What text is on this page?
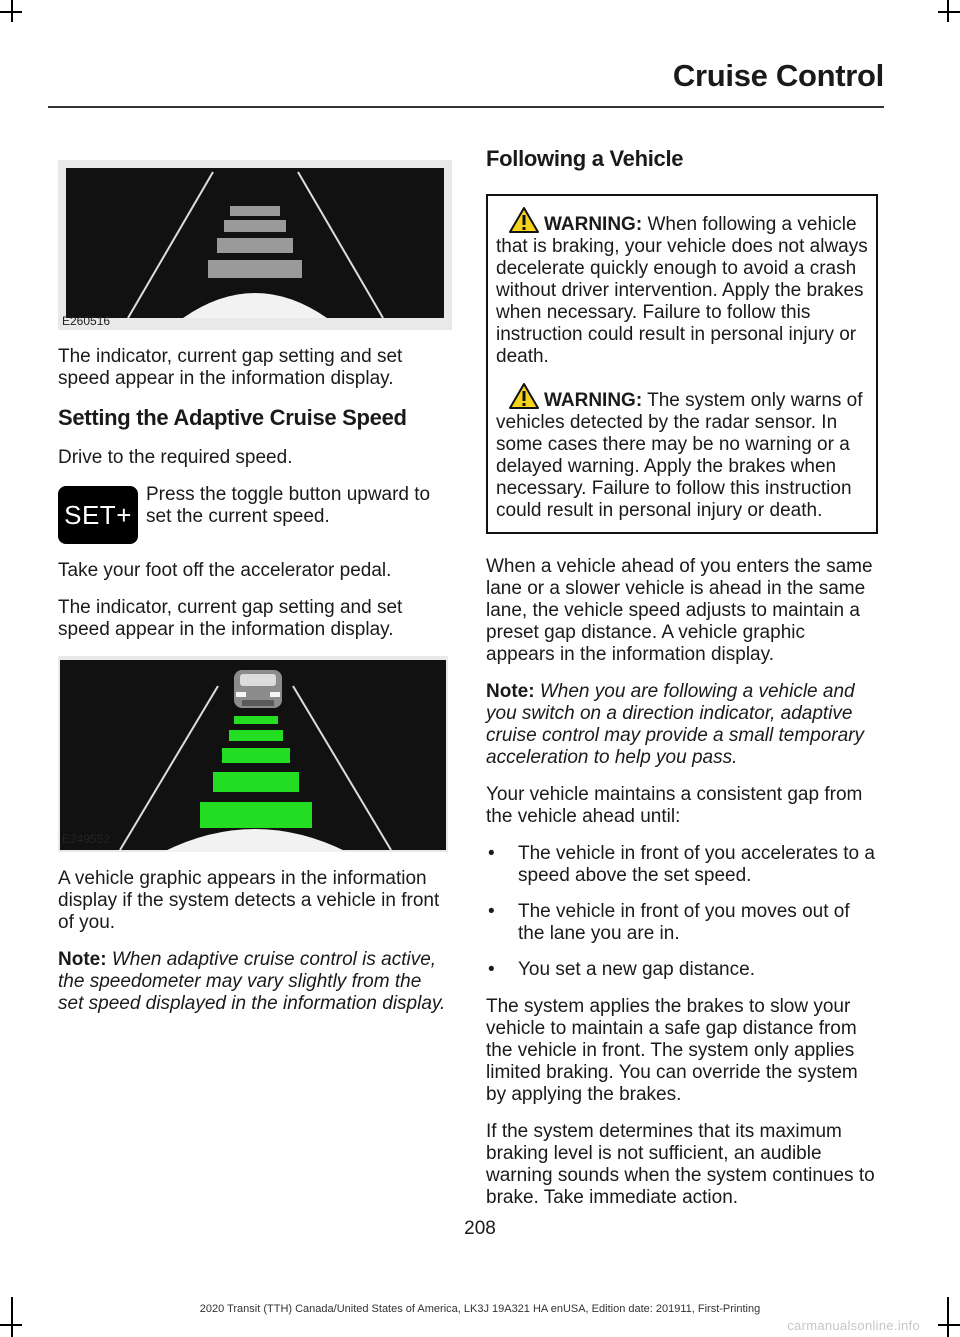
Cruise Control
E260516

The indicator, current gap setting and set speed appear in the information display.

Setting the Adaptive Cruise Speed

Drive to the required speed.

SET+

Press the toggle button upward to set the current speed.

Take your foot off the accelerator pedal.

The indicator, current gap setting and set speed appear in the information display.

E249552

A vehicle graphic appears in the information display if the system detects a vehicle in front of you.

Note: When adaptive cruise control is active, the speedometer may vary slightly from the set speed displayed in the information display.

Following a Vehicle

WARNING: When following a vehicle that is braking, your vehicle does not always decelerate quickly enough to avoid a crash without driver intervention. Apply the brakes when necessary. Failure to follow this instruction could result in personal injury or death.

WARNING: The system only warns of vehicles detected by the radar sensor. In some cases there may be no warning or a delayed warning. Apply the brakes when necessary. Failure to follow this instruction could result in personal injury or death.

When a vehicle ahead of you enters the same lane or a slower vehicle is ahead in the same lane, the vehicle speed adjusts to maintain a preset gap distance. A vehicle graphic appears in the information display.

Note: When you are following a vehicle and you switch on a direction indicator, adaptive cruise control may provide a small temporary acceleration to help you pass.

Your vehicle maintains a consistent gap from the vehicle ahead until:

• The vehicle in front of you accelerates to a speed above the set speed.
• The vehicle in front of you moves out of the lane you are in.
• You set a new gap distance.

The system applies the brakes to slow your vehicle to maintain a safe gap distance from the vehicle in front. The system only applies limited braking. You can override the system by applying the brakes.

If the system determines that its maximum braking level is not sufficient, an audible warning sounds when the system continues to brake. Take immediate action.

208
2020 Transit (TTH) Canada/United States of America, LK3J 19A321 HA enUSA, Edition date: 201911, First-Printing
carmanualsonline.info
